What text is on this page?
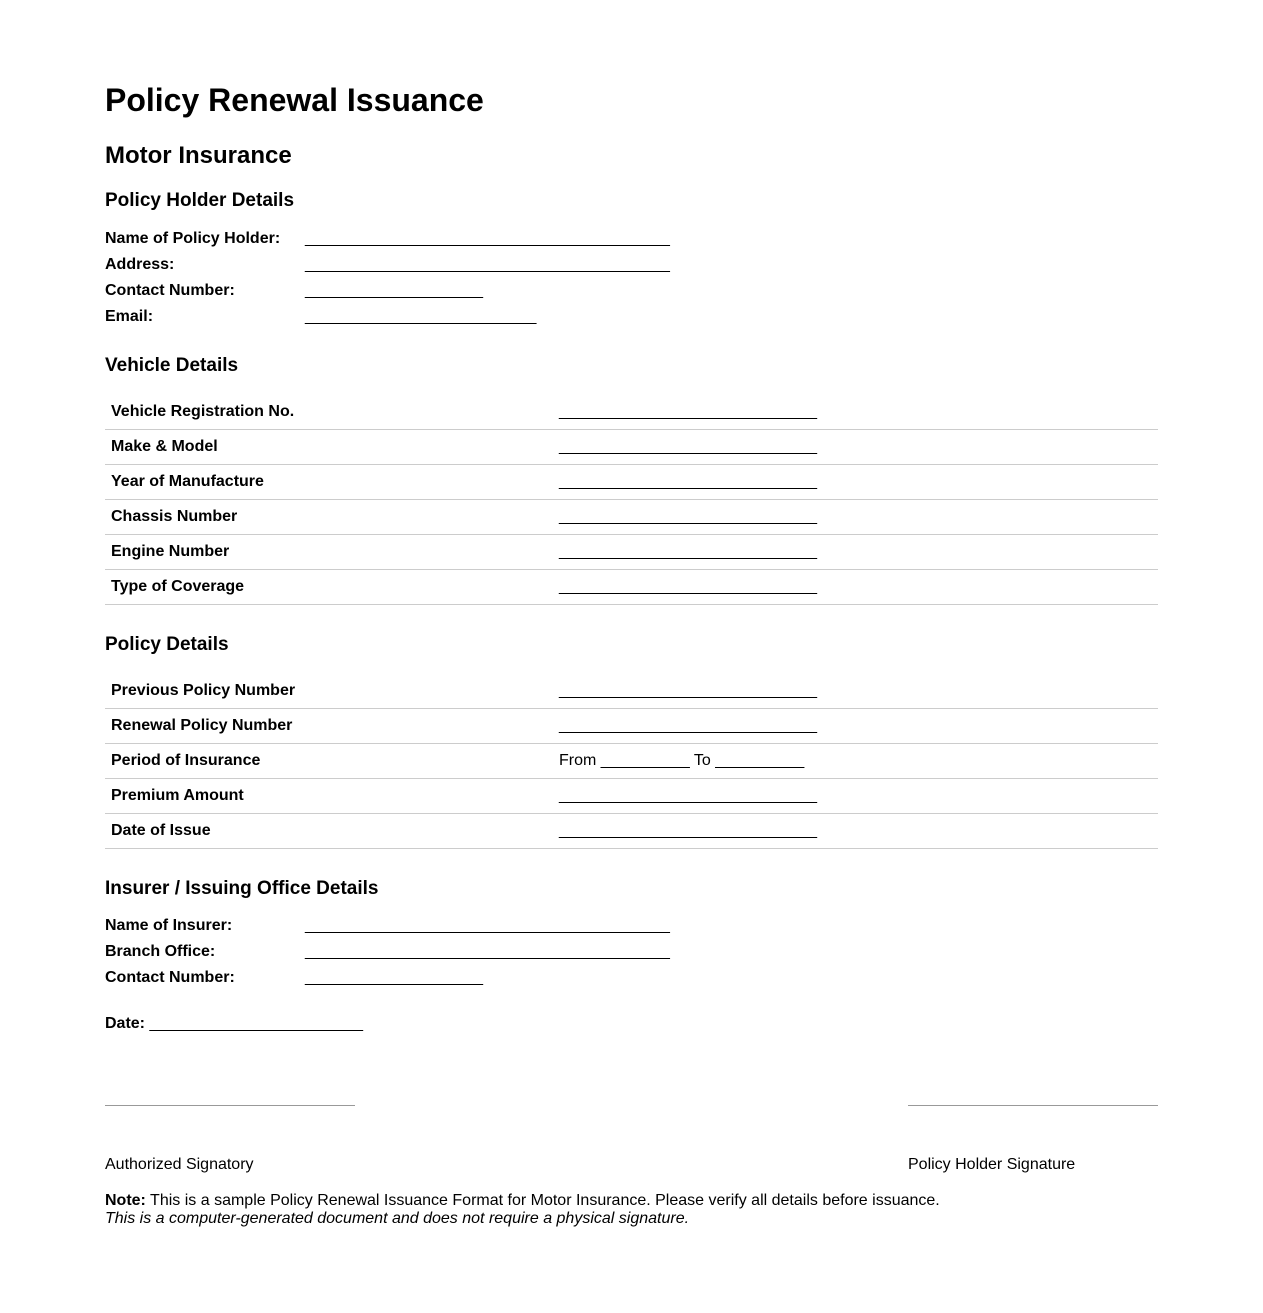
Policy Renewal Issuance
Motor Insurance
Policy Holder Details
Name of Policy Holder: _________________________________________
Address:	_________________________________________
Contact Number:	____________________
Email:	__________________________
Vehicle Details
Vehicle Registration No.	_____________________________
Make & Model	_____________________________
Year of Manufacture	_____________________________
Chassis Number	_____________________________
Engine Number	_____________________________
Type of Coverage	_____________________________
Policy Details
Previous Policy Number	_____________________________
Renewal Policy Number	_____________________________
Period of Insurance	From __________ To __________
Premium Amount	_____________________________
Date of Issue	_____________________________
Insurer / Issuing Office Details
Name of Insurer:	_________________________________________
Branch Office:	_________________________________________
Contact Number:	____________________
Date: ________________________
Authorized Signatory	Policy Holder Signature
Note: This is a sample Policy Renewal Issuance Format for Motor Insurance. Please verify all details before issuance.
This is a computer-generated document and does not require a physical signature.
